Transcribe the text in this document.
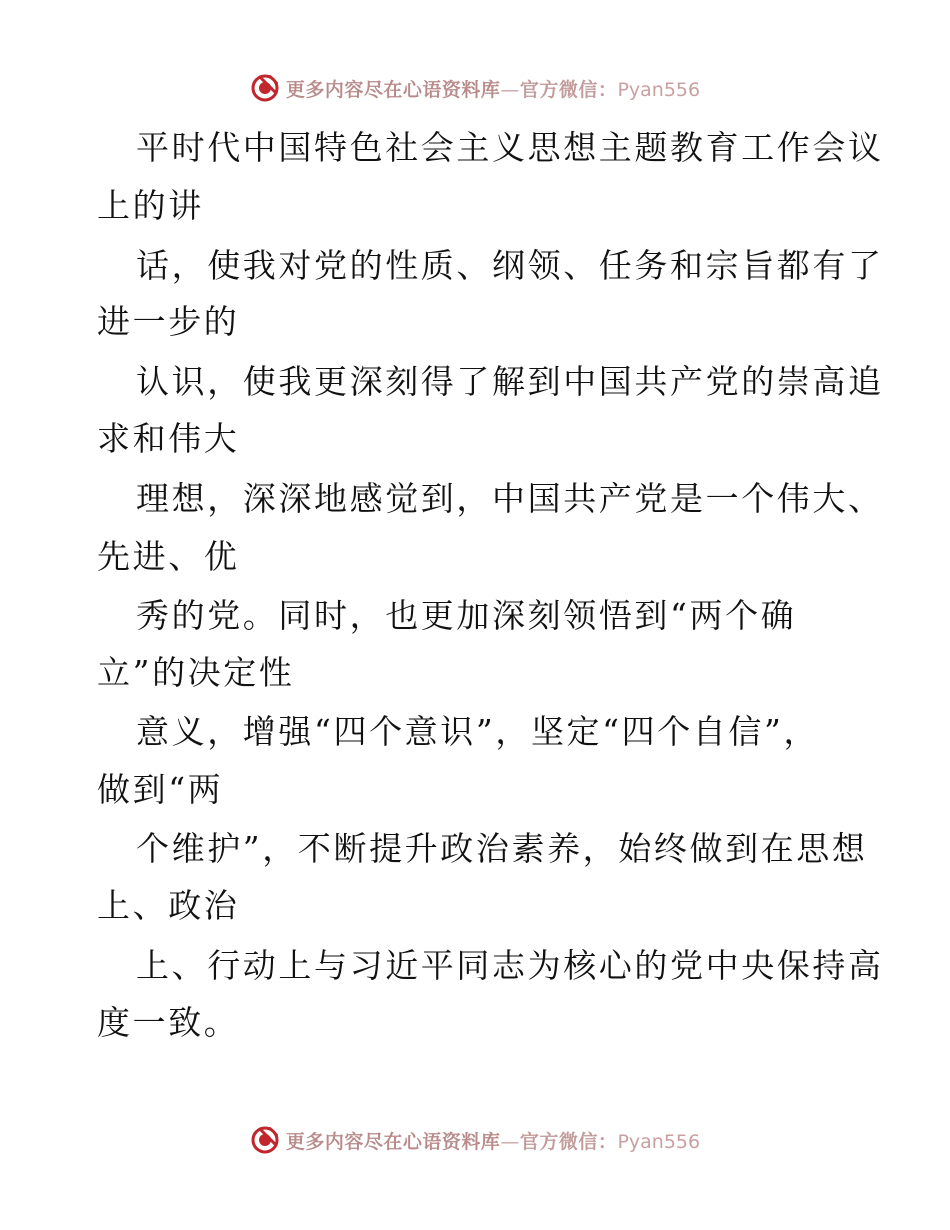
更多内容尽在心语资料库—官方微信：Pyan556
平时代中国特色社会主义思想主题教育工作会议
上的讲
话，使我对党的性质、纲领、任务和宗旨都有了
进一步的
认识，使我更深刻得了解到中国共产党的崇高追
求和伟大
理想，深深地感觉到，中国共产党是一个伟大、
先进、优
秀的党。同时，也更加深刻领悟到“两个确
立”的决定性
意义，增强“四个意识”，坚定“四个自信”，
做到“两
个维护”，不断提升政治素养，始终做到在思想
上、政治
上、行动上与习近平同志为核心的党中央保持高
度一致。
更多内容尽在心语资料库—官方微信：Pyan556
